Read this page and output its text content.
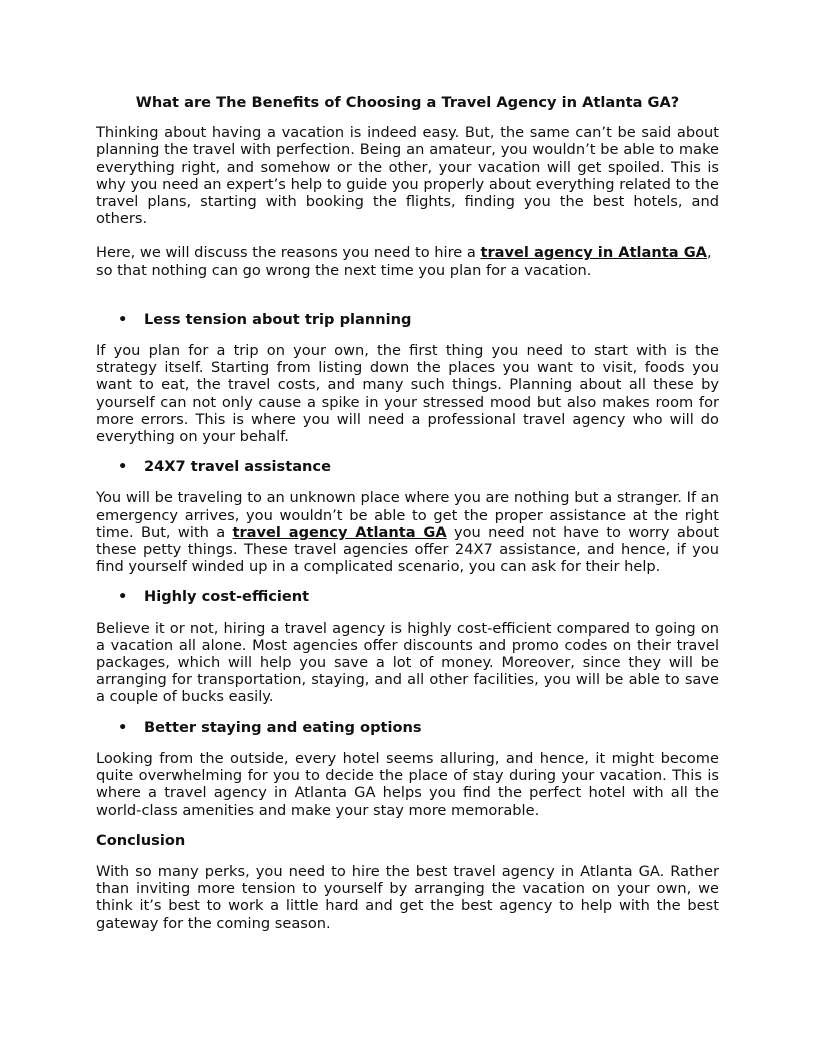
What are The Benefits of Choosing a Travel Agency in Atlanta GA?

Thinking about having a vacation is indeed easy. But, the same can’t be said about planning the travel with perfection. Being an amateur, you wouldn’t be able to make everything right, and somehow or the other, your vacation will get spoiled. This is why you need an expert’s help to guide you properly about everything related to the travel plans, starting with booking the flights, finding you the best hotels, and others.

Here, we will discuss the reasons you need to hire a travel agency in Atlanta GA, so that nothing can go wrong the next time you plan for a vacation.

•	Less tension about trip planning

If you plan for a trip on your own, the first thing you need to start with is the strategy itself. Starting from listing down the places you want to visit, foods you want to eat, the travel costs, and many such things. Planning about all these by yourself can not only cause a spike in your stressed mood but also makes room for more errors. This is where you will need a professional travel agency who will do everything on your behalf.

•	24X7 travel assistance

You will be traveling to an unknown place where you are nothing but a stranger. If an emergency arrives, you wouldn’t be able to get the proper assistance at the right time. But, with a travel agency Atlanta GA you need not have to worry about these petty things. These travel agencies offer 24X7 assistance, and hence, if you find yourself winded up in a complicated scenario, you can ask for their help.

•	Highly cost-efficient

Believe it or not, hiring a travel agency is highly cost-efficient compared to going on a vacation all alone. Most agencies offer discounts and promo codes on their travel packages, which will help you save a lot of money. Moreover, since they will be arranging for transportation, staying, and all other facilities, you will be able to save a couple of bucks easily.

•	Better staying and eating options

Looking from the outside, every hotel seems alluring, and hence, it might become quite overwhelming for you to decide the place of stay during your vacation. This is where a travel agency in Atlanta GA helps you find the perfect hotel with all the world-class amenities and make your stay more memorable.

Conclusion

With so many perks, you need to hire the best travel agency in Atlanta GA. Rather than inviting more tension to yourself by arranging the vacation on your own, we think it’s best to work a little hard and get the best agency to help with the best gateway for the coming season.
